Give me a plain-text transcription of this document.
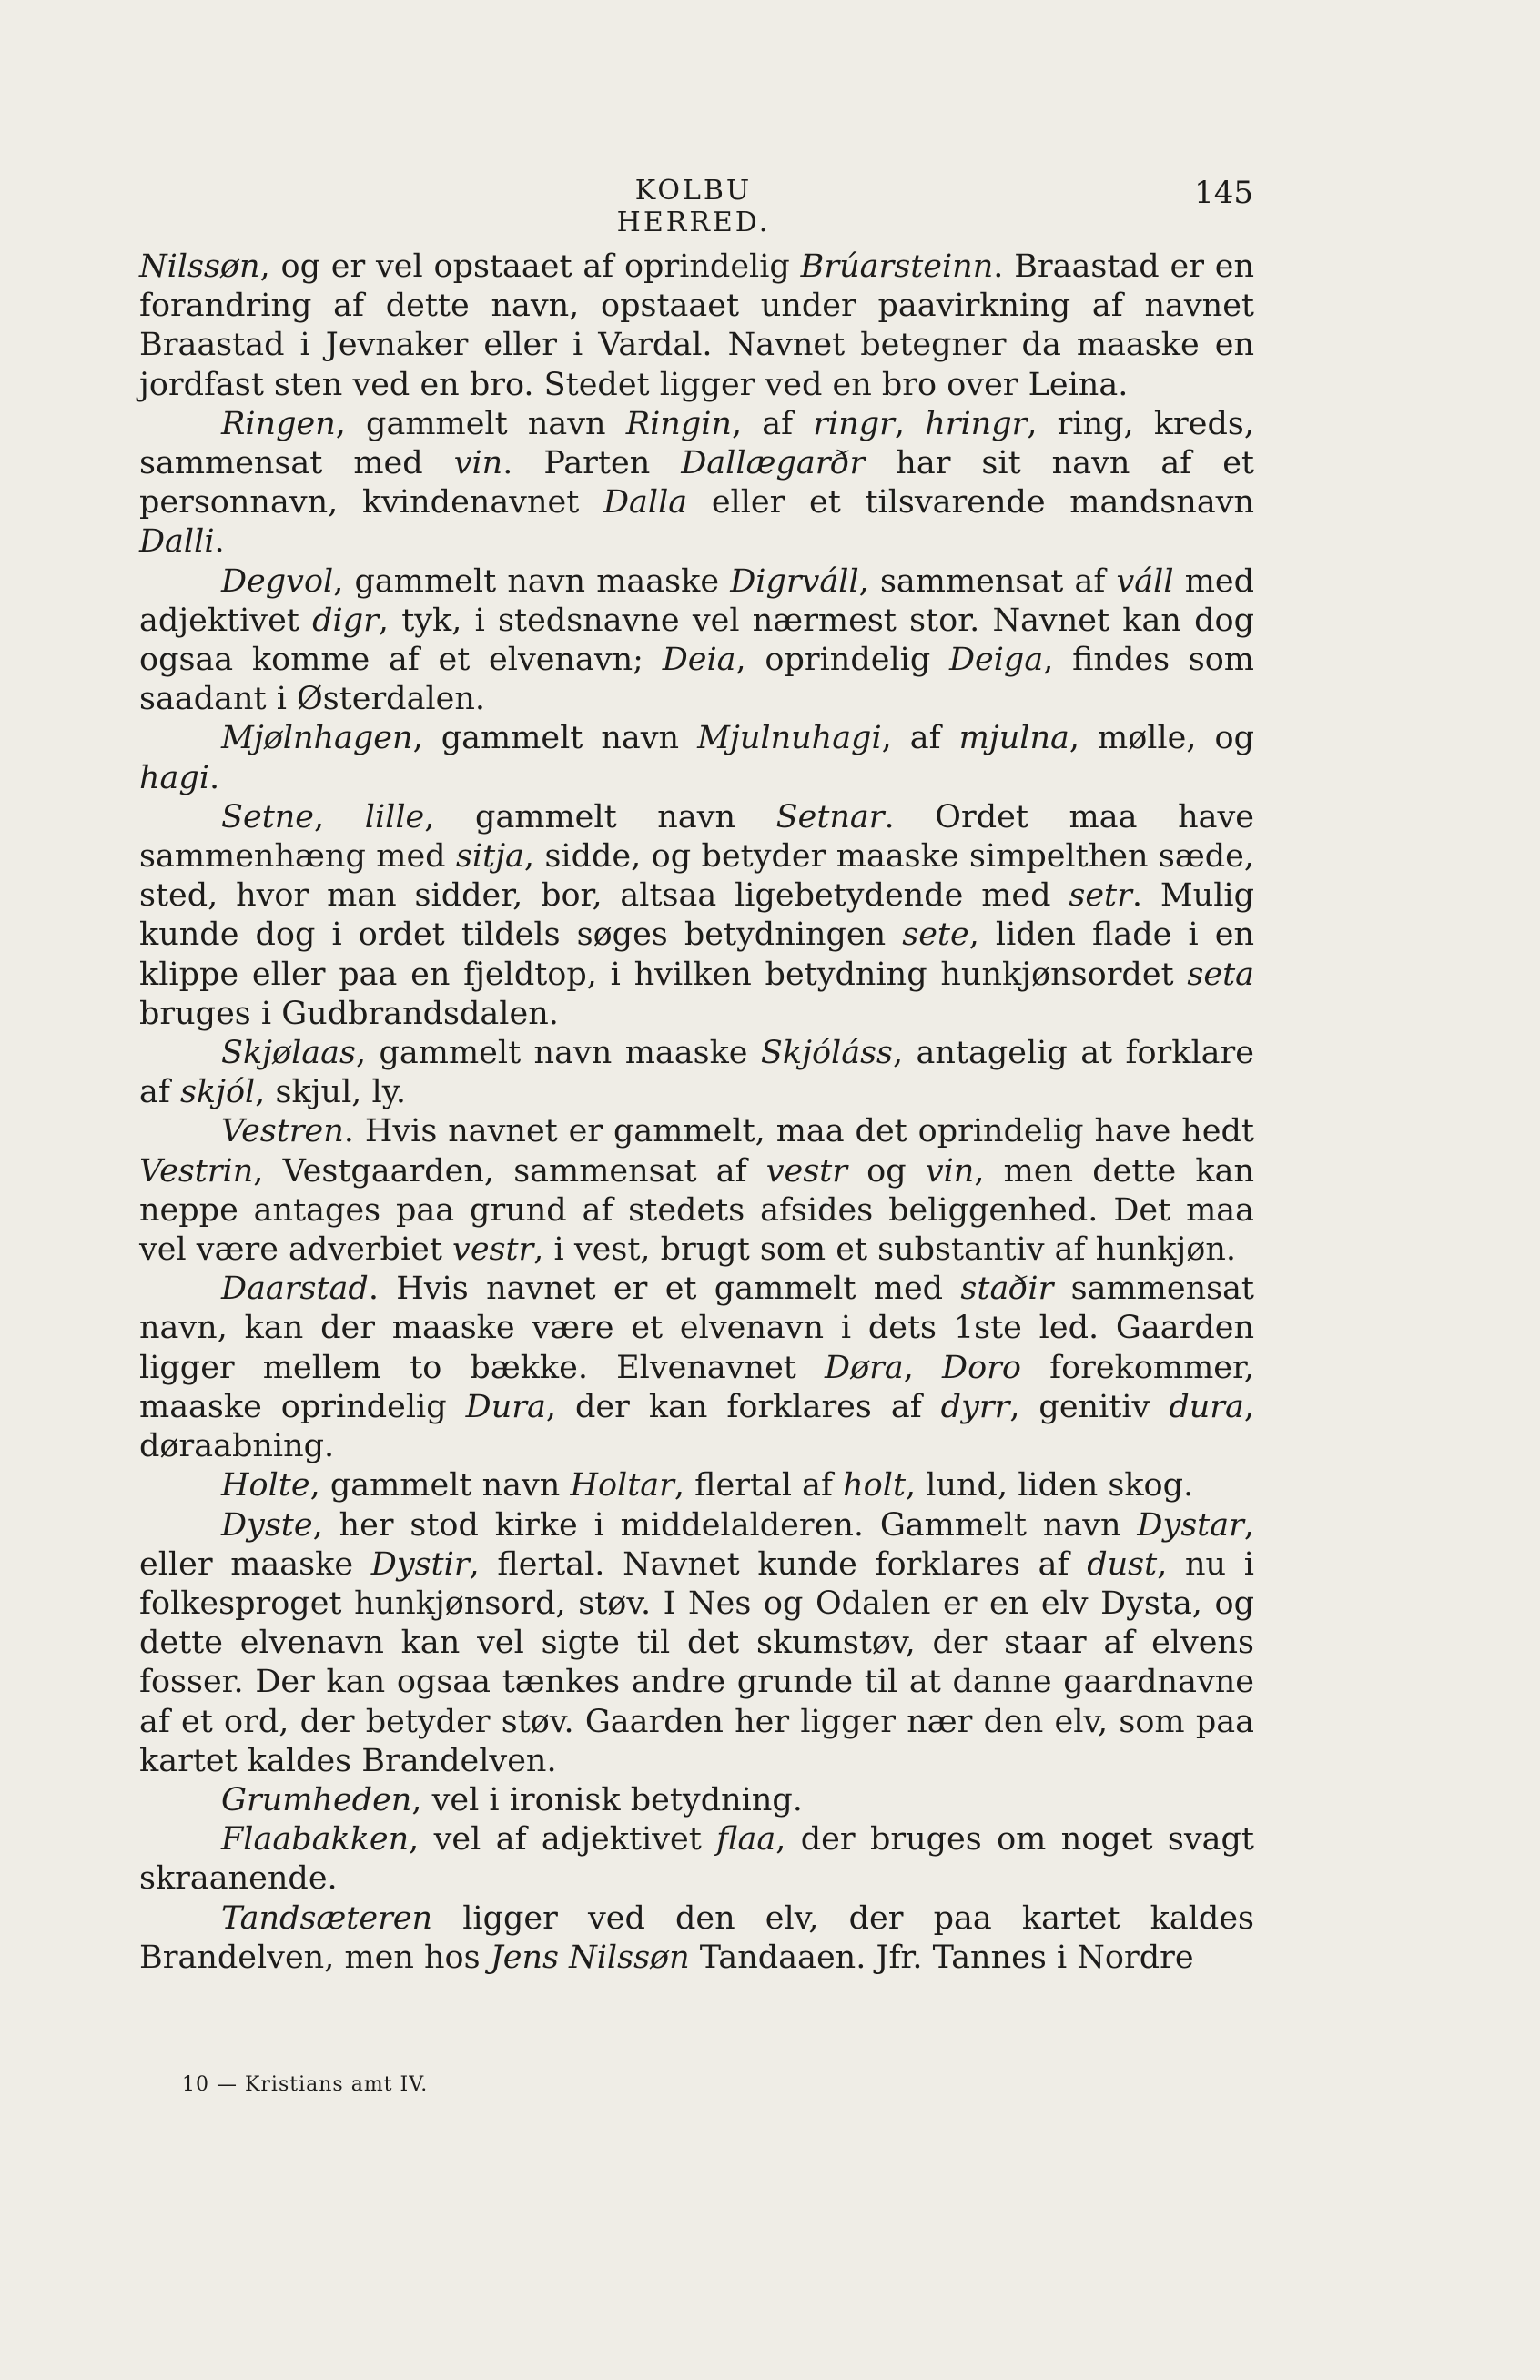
KOLBU HERRED.
145

Nilssøn, og er vel opstaaet af oprindelig Brúarsteinn. Braastad er en forandring af dette navn, opstaaet under paavirkning af navnet Braastad i Jevnaker eller i Vardal. Navnet betegner da maaske en jordfast sten ved en bro. Stedet ligger ved en bro over Leina.

Ringen, gammelt navn Ringin, af ringr, hringr, ring, kreds, sammensat med vin. Parten Dallægarðr har sit navn af et personnavn, kvindenavnet Dalla eller et tilsvarende mandsnavn Dalli.

Degvol, gammelt navn maaske Digrváll, sammensat af váll med adjektivet digr, tyk, i stedsnavne vel nærmest stor. Navnet kan dog ogsaa komme af et elvenavn; Deia, oprindelig Deiga, findes som saadant i Østerdalen.

Mjølnhagen, gammelt navn Mjulnuhagi, af mjulna, mølle, og hagi.

Setne, lille, gammelt navn Setnar. Ordet maa have sammenhæng med sitja, sidde, og betyder maaske simpelthen sæde, sted, hvor man sidder, bor, altsaa ligebetydende med setr. Mulig kunde dog i ordet tildels søges betydningen sete, liden flade i en klippe eller paa en fjeldtop, i hvilken betydning hunkjønsordet seta bruges i Gudbrandsdalen.

Skjølaas, gammelt navn maaske Skjóláss, antagelig at forklare af skjól, skjul, ly.

Vestren. Hvis navnet er gammelt, maa det oprindelig have hedt Vestrin, Vestgaarden, sammensat af vestr og vin, men dette kan neppe antages paa grund af stedets afsides beliggenhed. Det maa vel være adverbiet vestr, i vest, brugt som et substantiv af hunkjøn.

Daarstad. Hvis navnet er et gammelt med staðir sammensat navn, kan der maaske være et elvenavn i dets 1ste led. Gaarden ligger mellem to bække. Elvenavnet Døra, Doro forekommer, maaske oprindelig Dura, der kan forklares af dyrr, genitiv dura, døraabning.

Holte, gammelt navn Holtar, flertal af holt, lund, liden skog.

Dyste, her stod kirke i middelalderen. Gammelt navn Dystar, eller maaske Dystir, flertal. Navnet kunde forklares af dust, nu i folkesproget hunkjønsord, støv. I Nes og Odalen er en elv Dysta, og dette elvenavn kan vel sigte til det skumstøv, der staar af elvens fosser. Der kan ogsaa tænkes andre grunde til at danne gaardnavne af et ord, der betyder støv. Gaarden her ligger nær den elv, som paa kartet kaldes Brandelven.

Grumheden, vel i ironisk betydning.

Flaabakken, vel af adjektivet flaa, der bruges om noget svagt skraanende.

Tandsæteren ligger ved den elv, der paa kartet kaldes Brandelven, men hos Jens Nilssøn Tandaaen. Jfr. Tannes i Nordre

10 — Kristians amt IV.
